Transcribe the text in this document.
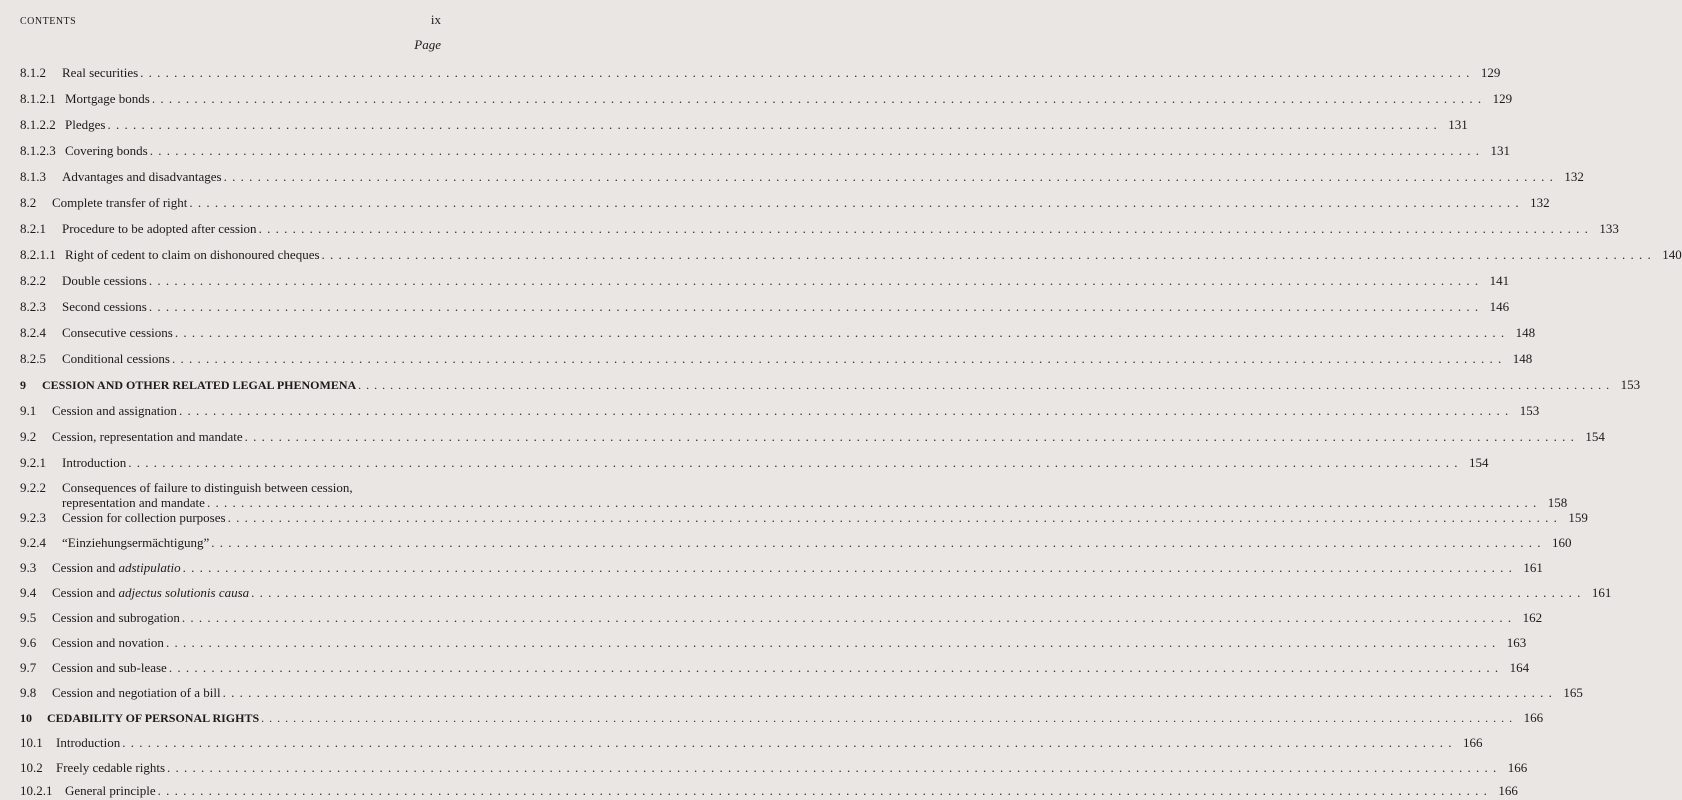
CONTENTS	ix
Page
8.1.2	Real securities . . .	129
8.1.2.1 Mortgage bonds . . .	129
8.1.2.2 Pledges . . .	131
8.1.2.3 Covering bonds . . .	131
8.1.3	Advantages and disadvantages . . .	132
8.2	Complete transfer of right . . .	132
8.2.1	Procedure to be adopted after cession . . .	133
8.2.1.1 Right of cedent to claim on dishonoured cheques . . .	140
8.2.2	Double cessions . . .	141
8.2.3	Second cessions . . .	146
8.2.4	Consecutive cessions . . .	148
8.2.5	Conditional cessions . . .	148
9	CESSION AND OTHER RELATED LEGAL PHENOMENA . . .	153
9.1	Cession and assignation . . .	153
9.2	Cession, representation and mandate . . .	154
9.2.1	Introduction . . .	154
9.2.2	Consequences of failure to distinguish between cession,
representation and mandate . . .	158
9.2.3	Cession for collection purposes . . .	159
9.2.4	“Einziehungsermächtigung” . . .	160
9.3	Cession and adstipulatio . . .	161
9.4	Cession and adjectus solutionis causa . . .	161
9.5	Cession and subrogation . . .	162
9.6	Cession and novation . . .	163
9.7	Cession and sub-lease . . .	164
9.8	Cession and negotiation of a bill . . .	165
10	CEDABILITY OF PERSONAL RIGHTS . . .	166
10.1	Introduction . . .	166
10.2	Freely cedable rights . . .	166
10.2.1 General principle . . .	166
